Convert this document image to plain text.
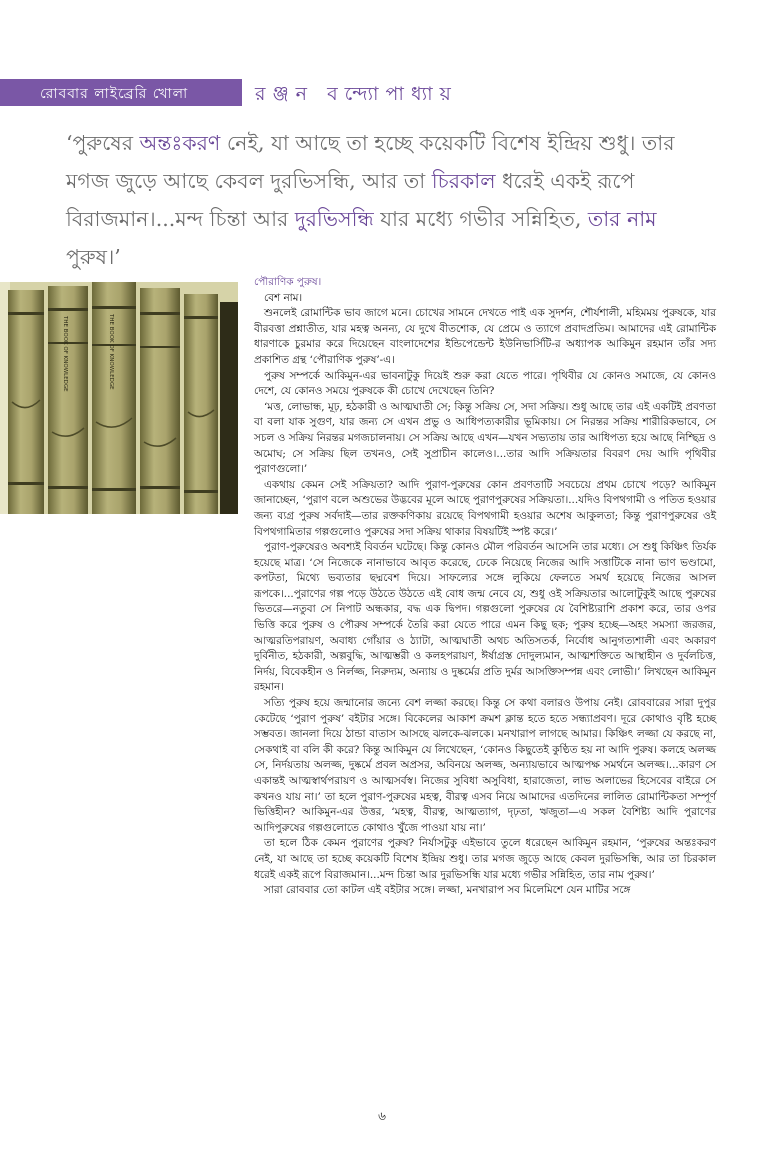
রোববার লাইব্রেরি খোলা	রঞ্জন বন্দ্যোপাধ্যায়
‘পুরুষের অন্তঃকরণ নেই, যা আছে তা হচ্ছে কয়েকটি বিশেষ ইন্দ্রিয় শুধু। তার মগজ জুড়ে আছে কেবল দুরভিসন্ধি, আর তা চিরকাল ধরেই একই রূপে বিরাজমান।...মন্দ চিন্তা আর দুরভিসন্ধি যার মধ্যে গভীর সন্নিহিত, তার নাম পুরুষ।’
THE BOOK OF KNOWLEDGE	THE BOOK OF KNOWLEDGE

পৌরাণিক পুরুষ।

বেশ নাম।

শুনলেই রোমান্টিক ভাব জাগে মনে। চোখের সামনে দেখতে পাই এক সুদর্শন, শৌর্যশালী, মহিমময় পুরুষকে, যার বীরবত্তা প্রশ্নাতীত, যার মহত্ব অনন্য, যে দুখে বীতশোক, যে প্রেমে ও ত্যাগে প্রবাদপ্রতিম। আমাদের এই রোমান্টিক ধারণাকে চুরমার করে দিয়েছেন বাংলাদেশের ইন্ডিপেন্ডেন্ট ইউনিভার্সিটি-র অধ্যাপক আকিমুন রহমান তাঁর সদ্য প্রকাশিত গ্রন্থ ‘পৌরাণিক পুরুষ’-এ।

পুরুষ সম্পর্কে আকিমুন-এর ভাবনাটুকু দিয়েই শুরু করা যেতে পারে। পৃথিবীর যে কোনও সমাজে, যে কোনও দেশে, যে কোনও সময়ে পুরুষকে কী চোখে দেখেছেন তিনি?

‘মত্ত, লোভান্ধ, মূঢ়, হঠকারী ও আত্মঘাতী সে; কিন্তু সক্রিয় সে, সদা সক্রিয়। শুধু আছে তার এই একটিই প্রবণতা বা বলা যাক সুগুণ, যার জন্য সে এখন প্রভু ও আধিপত্যকারীর ভূমিকায়। সে নিরন্তর সক্রিয় শারীরিকভাবে, সে সচল ও সক্রিয় নিরন্তর মগজচালনায়। সে সক্রিয় আছে এখন—যখন সভ্যতায় তার আধিপত্য হয়ে আছে নিশ্ছিদ্র ও অমোঘ; সে সক্রিয় ছিল তখনও, সেই সুপ্রাচীন কালেও।...তার আদি সক্রিয়তার বিবরণ দেয় আদি পৃথিবীর পুরাণগুলো।’

একথায় কেমন সেই সক্রিয়তা? আদি পুরাণ-পুরুষের কোন প্রবণতাটি সবচেয়ে প্রথম চোখে পড়ে? আকিমুন জানাচ্ছেন, ‘পুরাণ বলে অশুভের উদ্ভবের মূলে আছে পুরাণপুরুষের সক্রিয়তা।...যদিও বিপথগামী ও পতিত হওয়ার জন্য ব্যগ্র পুরুষ সর্বদাই—তার রক্তকণিকায় রয়েছে বিপথগামী হওয়ার অশেষ আকুলতা; কিন্তু পুরাণপুরুষের ওই বিপথগামিতার গল্পগুলোও পুরুষের সদা সক্রিয় থাকার বিষয়টিই স্পষ্ট করে।’

পুরাণ-পুরুষেরও অবশ্যই বিবর্তন ঘটেছে। কিন্তু কোনও মৌল পরিবর্তন আসেনি তার মধ্যে। সে শুধু কিঞ্চিৎ তির্যক হয়েছে মাত্র। ‘সে নিজেকে নানাভাবে আবৃত করেছে, ঢেকে নিয়েছে নিজের আদি সত্তাটিকে নানা ভাণ ভণ্ডামো, কপটতা, মিথ্যে ভব্যতার ছদ্মবেশ দিয়ে। সাফল্যের সঙ্গে লুকিয়ে ফেলতে সমর্থ হয়েছে নিজের আসল রূপকে।...পুরাণের গল্প পড়ে উঠতে উঠতে এই বোধ জন্ম নেবে যে, শুধু ওই সক্রিয়তার আলোটুকুই আছে পুরুষের ভিতরে—নতুবা সে নিপাট অন্ধকার, বদ্ধ এক দ্বিপদ। গল্পগুলো পুরুষের যে বৈশিষ্ট্যরাশি প্রকাশ করে, তার ওপর ভিত্তি করে পুরুষ ও পৌরুষ সম্পর্কে তৈরি করা যেতে পারে এমন কিছু ছক; পুরুষ হচ্ছে—অহং সমস্যা জরজর, আত্মরতিপরায়ণ, অবাধ্য গোঁয়ার ও ঠ্যাটা, আত্মঘাতী অথচ অতিসতর্ক, নির্বোধ আনুগত্যশালী এবং অকারণ দুর্বিনীত, হঠকারী, অল্পবুদ্ধি, আত্মম্ভরী ও কলহপরায়ণ, ঈর্ষাগ্রস্ত দোদুল্যমান, আত্মশক্তিতে আস্থাহীন ও দুর্বলচিত্ত, নির্দয়, বিবেকহীন ও নির্লজ্জ, নিরুদ্যম, অন্যায় ও দুষ্কর্মের প্রতি দুর্মর আসক্তিসম্পন্ন এবং লোভী।’ লিখছেন আকিমুন রহমান।

সত্যি পুরুষ হয়ে জন্মানোর জন্যে বেশ লজ্জা করছে। কিন্তু সে কথা বলারও উপায় নেই। রোববারের সারা দুপুর কেটেছে ‘পুরাণ পুরুষ’ বইটার সঙ্গে। বিকেলের আকাশ ক্রমশ ক্লান্ত হতে হতে সন্ধ্যাপ্রবণ। দূরে কোথাও বৃষ্টি হচ্ছে সম্ভবত। জানলা দিয়ে ঠান্ডা বাতাস আসছে ঝলকে-ঝলকে। মনখারাপ লাগছে আমার। কিঞ্চিৎ লজ্জা যে করছে না, সেকথাই বা বলি কী করে? কিন্তু আকিমুন যে লিখেছেন, ‘কোনও কিছুতেই কুণ্ঠিত হয় না আদি পুরুষ। কলহে অলজ্জ সে, নির্দয়তায় অলজ্জ, দুষ্কর্মে প্রবল অপ্রসর, অবিনয়ে অলজ্জ, অন্যায়ভাবে আত্মপক্ষ সমর্থনে অলজ্জ।...কারণ সে একান্তই আত্মস্বার্থপরায়ণ ও আত্মসর্বস্ব। নিজের সুবিধা অসুবিধা, হারাজেতা, লাভ অলাভের হিসেবের বাইরে সে কখনও যায় না।’ তা হলে পুরাণ-পুরুষের মহত্ব, বীরত্ব এসব নিয়ে আমাদের এতদিনের লালিত রোমান্টিকতা সম্পূর্ণ ভিত্তিহীন? আকিমুন-এর উত্তর, ‘মহত্ব, বীরত্ব, আত্মত্যাগ, দৃঢ়তা, ঋজুতা—এ সকল বৈশিষ্ট্য আদি পুরাণের আদিপুরুষের গল্পগুলোতে কোথাও খুঁজে পাওয়া যায় না।’

তা হলে ঠিক কেমন পুরাণের পুরুষ? নির্যাসটুকু এইভাবে তুলে ধরেছেন আকিমুন রহমান, ‘পুরুষের অন্তঃকরণ নেই, যা আছে তা হচ্ছে কয়েকটি বিশেষ ইন্দ্রিয় শুধু। তার মগজ জুড়ে আছে কেবল দুরভিসন্ধি, আর তা চিরকাল ধরেই একই রূপে বিরাজমান।...মন্দ চিন্তা আর দুরভিসন্ধি যার মধ্যে গভীর সন্নিহিত, তার নাম পুরুষ।’

সারা রোববার তো কাটল এই বইটার সঙ্গে। লজ্জা, মনখারাপ সব মিলেমিশে যেন মাটির সঙ্গে

৬
